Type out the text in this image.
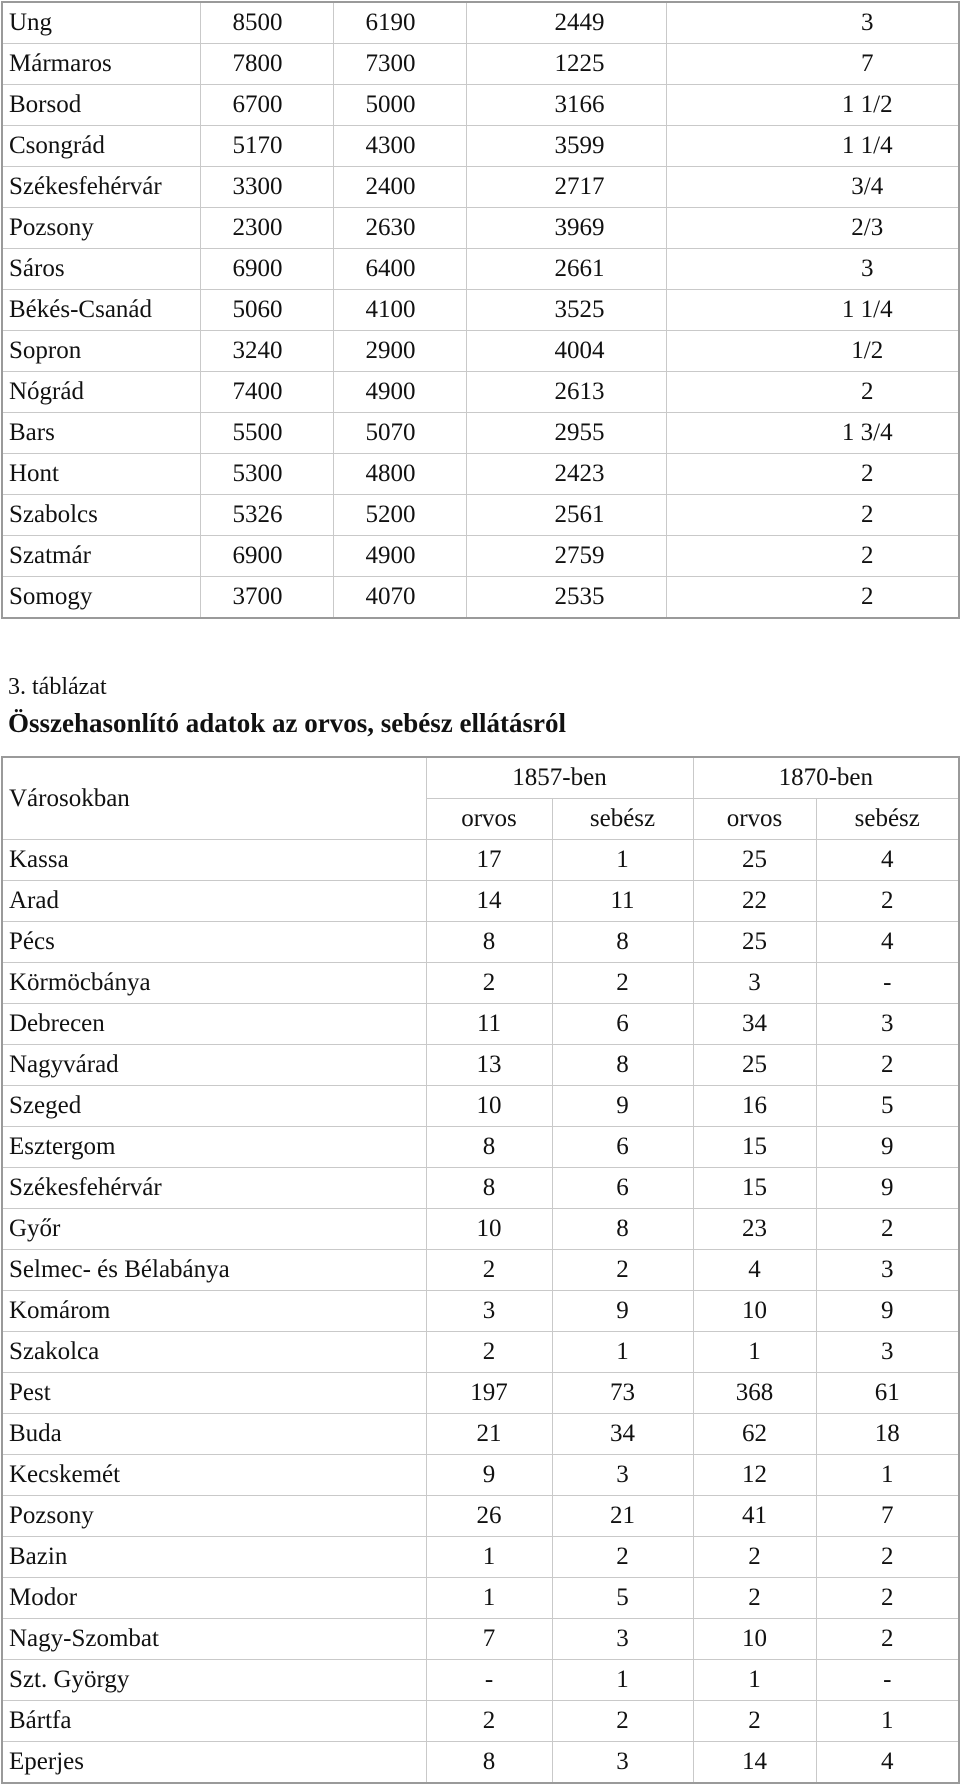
Ung	8500	6190	2449	3
Mármaros	7800	7300	1225	7
Borsod	6700	5000	3166	1 1/2
Csongrád	5170	4300	3599	1 1/4
Székesfehérvár	3300	2400	2717	3/4
Pozsony	2300	2630	3969	2/3
Sáros	6900	6400	2661	3
Békés-Csanád	5060	4100	3525	1 1/4
Sopron	3240	2900	4004	1/2
Nógrád	7400	4900	2613	2
Bars	5500	5070	2955	1 3/4
Hont	5300	4800	2423	2
Szabolcs	5326	5200	2561	2
Szatmár	6900	4900	2759	2
Somogy	3700	4070	2535	2
3. táblázat
Összehasonlító adatok az orvos, sebész ellátásról
Városokban	1857-ben		1870-ben	
	orvos	sebész	orvos	sebész
Kassa	17	1	25	4
Arad	14	11	22	2
Pécs	8	8	25	4
Körmöcbánya	2	2	3	-
Debrecen	11	6	34	3
Nagyvárad	13	8	25	2
Szeged	10	9	16	5
Esztergom	8	6	15	9
Székesfehérvár	8	6	15	9
Győr	10	8	23	2
Selmec- és Bélabánya	2	2	4	3
Komárom	3	9	10	9
Szakolca	2	1	1	3
Pest	197	73	368	61
Buda	21	34	62	18
Kecskemét	9	3	12	1
Pozsony	26	21	41	7
Bazin	1	2	2	2
Modor	1	5	2	2
Nagy-Szombat	7	3	10	2
Szt. György	-	1	1	-
Bártfa	2	2	2	1
Eperjes	8	3	14	4
